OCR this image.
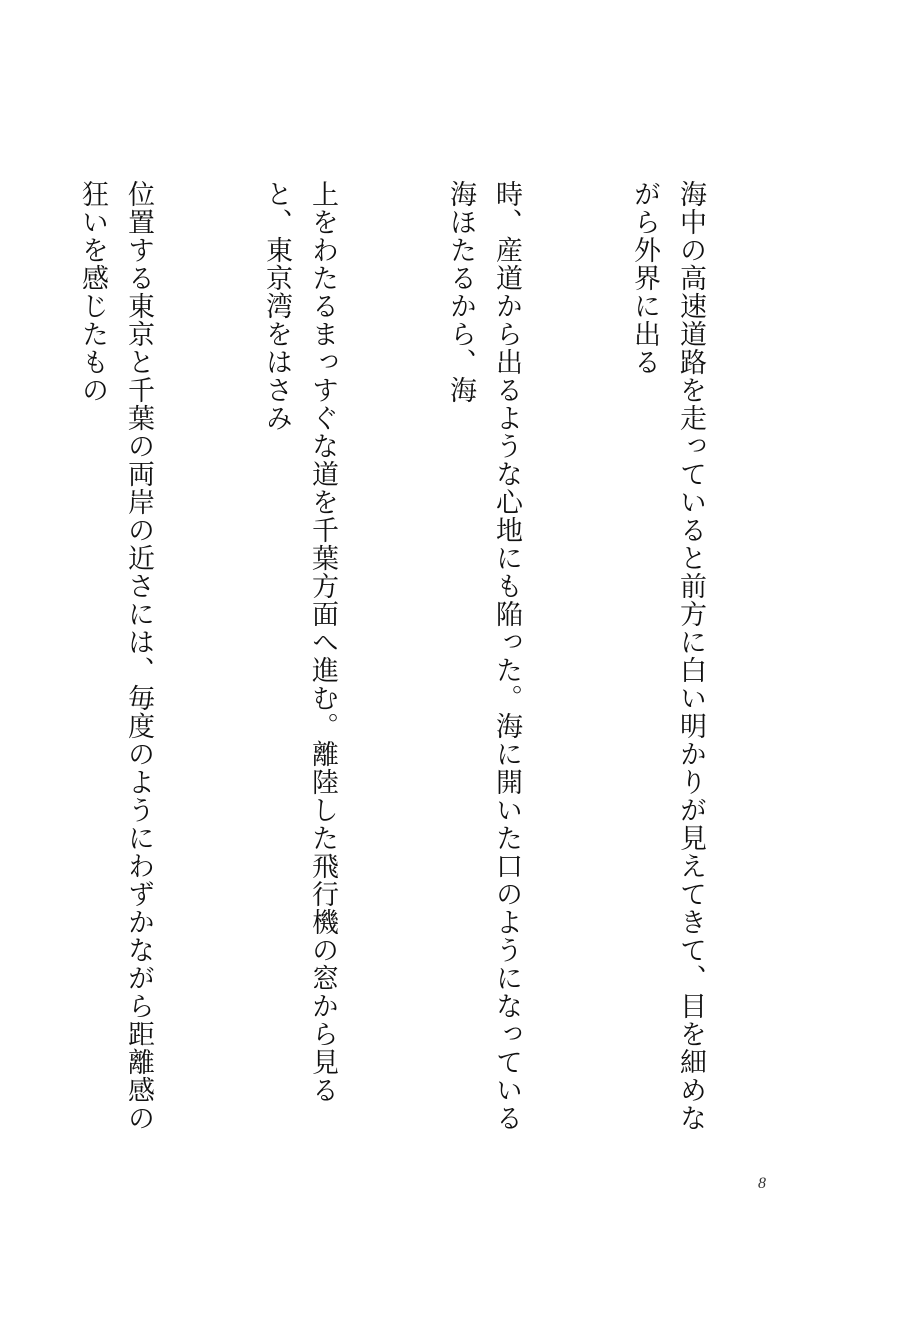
海中の高速道路を走っていると前方に白い明かりが見えてきて、目を細めながら外界に出る

時、産道から出るような心地にも陥った。海に開いた口のようになっている海ほたるから、海

上をわたるまっすぐな道を千葉方面へ進む。離陸した飛行機の窓から見ると、東京湾をはさみ

位置する東京と千葉の両岸の近さには、毎度のようにわずかながら距離感の狂いを感じたもの

8
